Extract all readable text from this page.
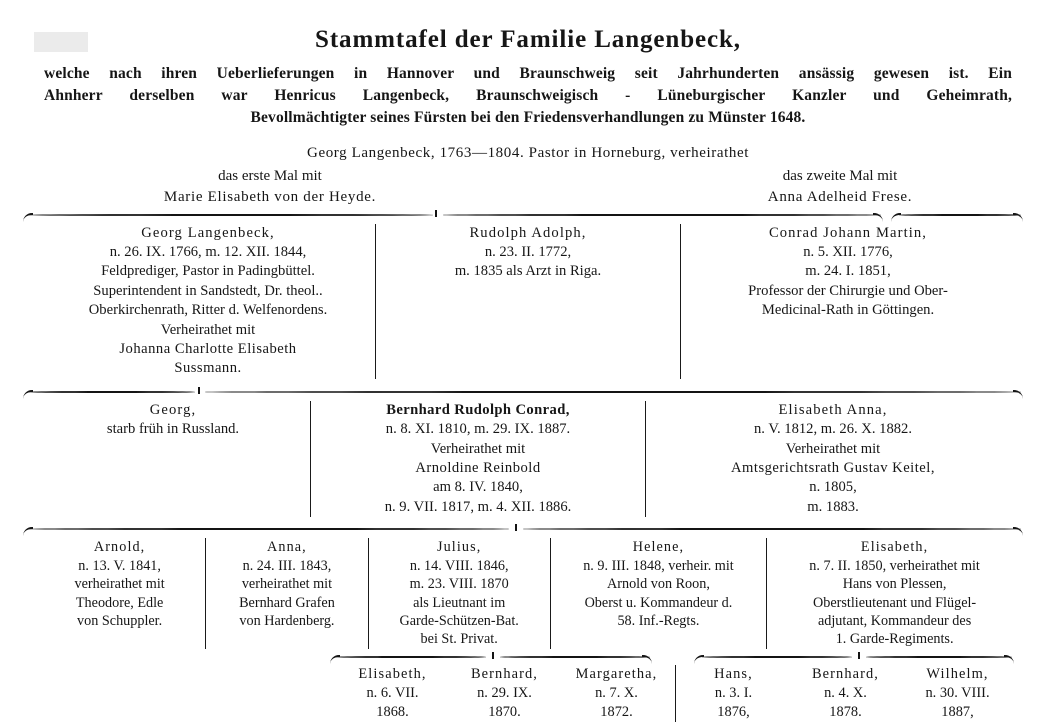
Stammtafel der Familie Langenbeck,
welche nach ihren Ueberlieferungen in Hannover und Braunschweig seit Jahrhunderten ansässig gewesen ist. Ein
Ahnherr derselben war Henricus Langenbeck, Braunschweigisch - Lüneburgischer Kanzler und Geheimrath,
Bevollmächtigter seines Fürsten bei den Friedensverhandlungen zu Münster 1648.
Georg Langenbeck, 1763—1804. Pastor in Horneburg, verheirathet
das erste Mal mit
Marie Elisabeth von der Heyde.
das zweite Mal mit
Anna Adelheid Frese.
Georg Langenbeck,
n. 26. IX. 1766, m. 12. XII. 1844,
Feldprediger, Pastor in Padingbüttel.
Superintendent in Sandstedt, Dr. theol..
Oberkirchenrath, Ritter d. Welfenordens.
Verheirathet mit
Johanna Charlotte Elisabeth
Sussmann.
Rudolph Adolph,
n. 23. II. 1772,
m. 1835 als Arzt in Riga.
Conrad Johann Martin,
n. 5. XII. 1776,
m. 24. I. 1851,
Professor der Chirurgie und Ober-
Medicinal-Rath in Göttingen.
Georg,
starb früh in Russland.
Bernhard Rudolph Conrad,
n. 8. XI. 1810, m. 29. IX. 1887.
Verheirathet mit
Arnoldine Reinbold
am 8. IV. 1840,
n. 9. VII. 1817, m. 4. XII. 1886.
Elisabeth Anna,
n. V. 1812, m. 26. X. 1882.
Verheirathet mit
Amtsgerichtsrath Gustav Keitel,
n. 1805,
m. 1883.
Arnold,
n. 13. V. 1841,
verheirathet mit
Theodore, Edle
von Schuppler.
Anna,
n. 24. III. 1843,
verheirathet mit
Bernhard Grafen
von Hardenberg.
Julius,
n. 14. VIII. 1846,
m. 23. VIII. 1870
als Lieutnant im
Garde-Schützen-Bat.
bei St. Privat.
Helene,
n. 9. III. 1848, verheir. mit
Arnold von Roon,
Oberst u. Kommandeur d.
58. Inf.-Regts.
Elisabeth,
n. 7. II. 1850, verheirathet mit
Hans von Plessen,
Oberstlieutenant und Flügel-
adjutant, Kommandeur des
1. Garde-Regiments.
Elisabeth,
n. 6. VII.
1868.
Bernhard,
n. 29. IX.
1870.
Margaretha,
n. 7. X.
1872.
Hans,
n. 3. I.
1876,
Bernhard,
n. 4. X.
1878.
Wilhelm,
n. 30. VIII.
1887,
